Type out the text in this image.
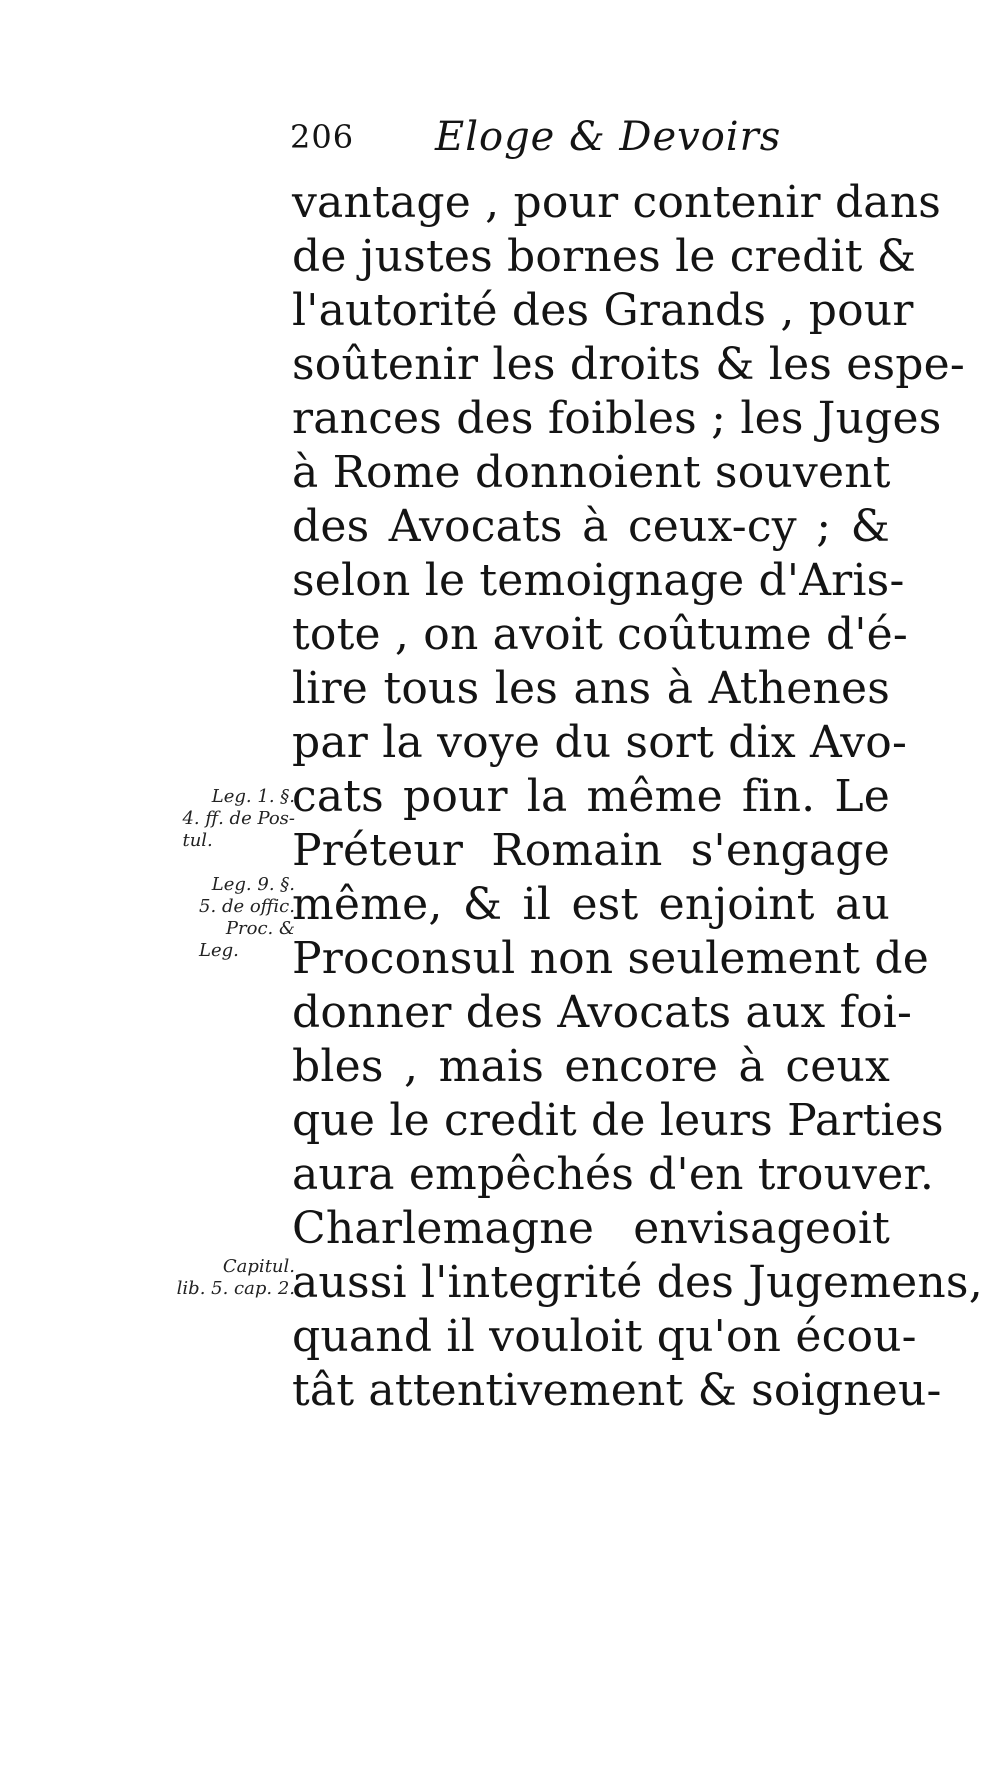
206 Eloge & Devoirs
vantage , pour contenir dans
de justes bornes le credit &
l'autorité des Grands , pour
soûtenir les droits & les espe-
rances des foibles ; les Juges
à Rome donnoient souvent
des Avocats à ceux-cy ; &
selon le temoignage d'Aris-
tote , on avoit coûtume d'é-
lire tous les ans à Athenes
par la voye du sort dix Avo-
cats pour la même fin. Le
Préteur Romain s'engage
même, & il est enjoint au
Proconsul non seulement de
donner des Avocats aux foi-
bles , mais encore à ceux
que le credit de leurs Parties
aura empêchés d'en trouver.
Charlemagne envisageoit
aussi l'integrité des Jugemens,
quand il vouloit qu'on écou-
tât attentivement & soigneu-
Leg. 1. §.
4. ff. de Pos-
tul.
Leg. 9. §.
5. de offic.
Proc. &
Leg.
Capitul.
lib. 5. cap. 2.
